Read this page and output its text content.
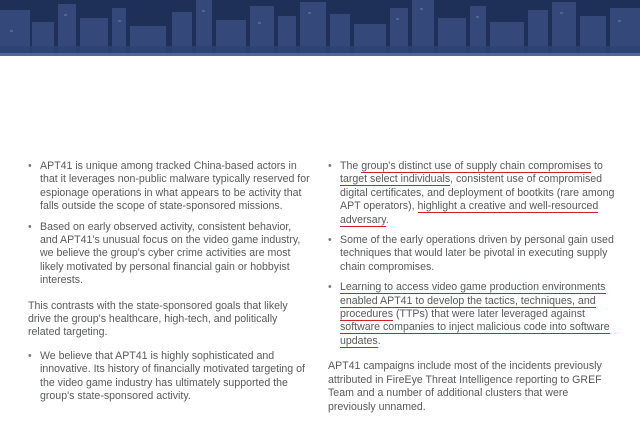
• APT41 is unique among tracked China-based actors in that it leverages non-public malware typically reserved for espionage operations in what appears to be activity that falls outside the scope of state-sponsored missions.
• Based on early observed activity, consistent behavior, and APT41's unusual focus on the video game industry, we believe the group's cyber crime activities are most likely motivated by personal financial gain or hobbyist interests.

This contrasts with the state-sponsored goals that likely drive the group's healthcare, high-tech, and politically related targeting.

• We believe that APT41 is highly sophisticated and innovative. Its history of financially motivated targeting of the video game industry has ultimately supported the group's state-sponsored activity.
• The group's distinct use of supply chain compromises to target select individuals, consistent use of compromised digital certificates, and deployment of bootkits (rare among APT operators), highlight a creative and well-resourced adversary.
• Some of the early operations driven by personal gain used techniques that would later be pivotal in executing supply chain compromises.
• Learning to access video game production environments enabled APT41 to develop the tactics, techniques, and procedures (TTPs) that were later leveraged against software companies to inject malicious code into software updates.

APT41 campaigns include most of the incidents previously attributed in FireEye Threat Intelligence reporting to GREF Team and a number of additional clusters that were previously unnamed.
